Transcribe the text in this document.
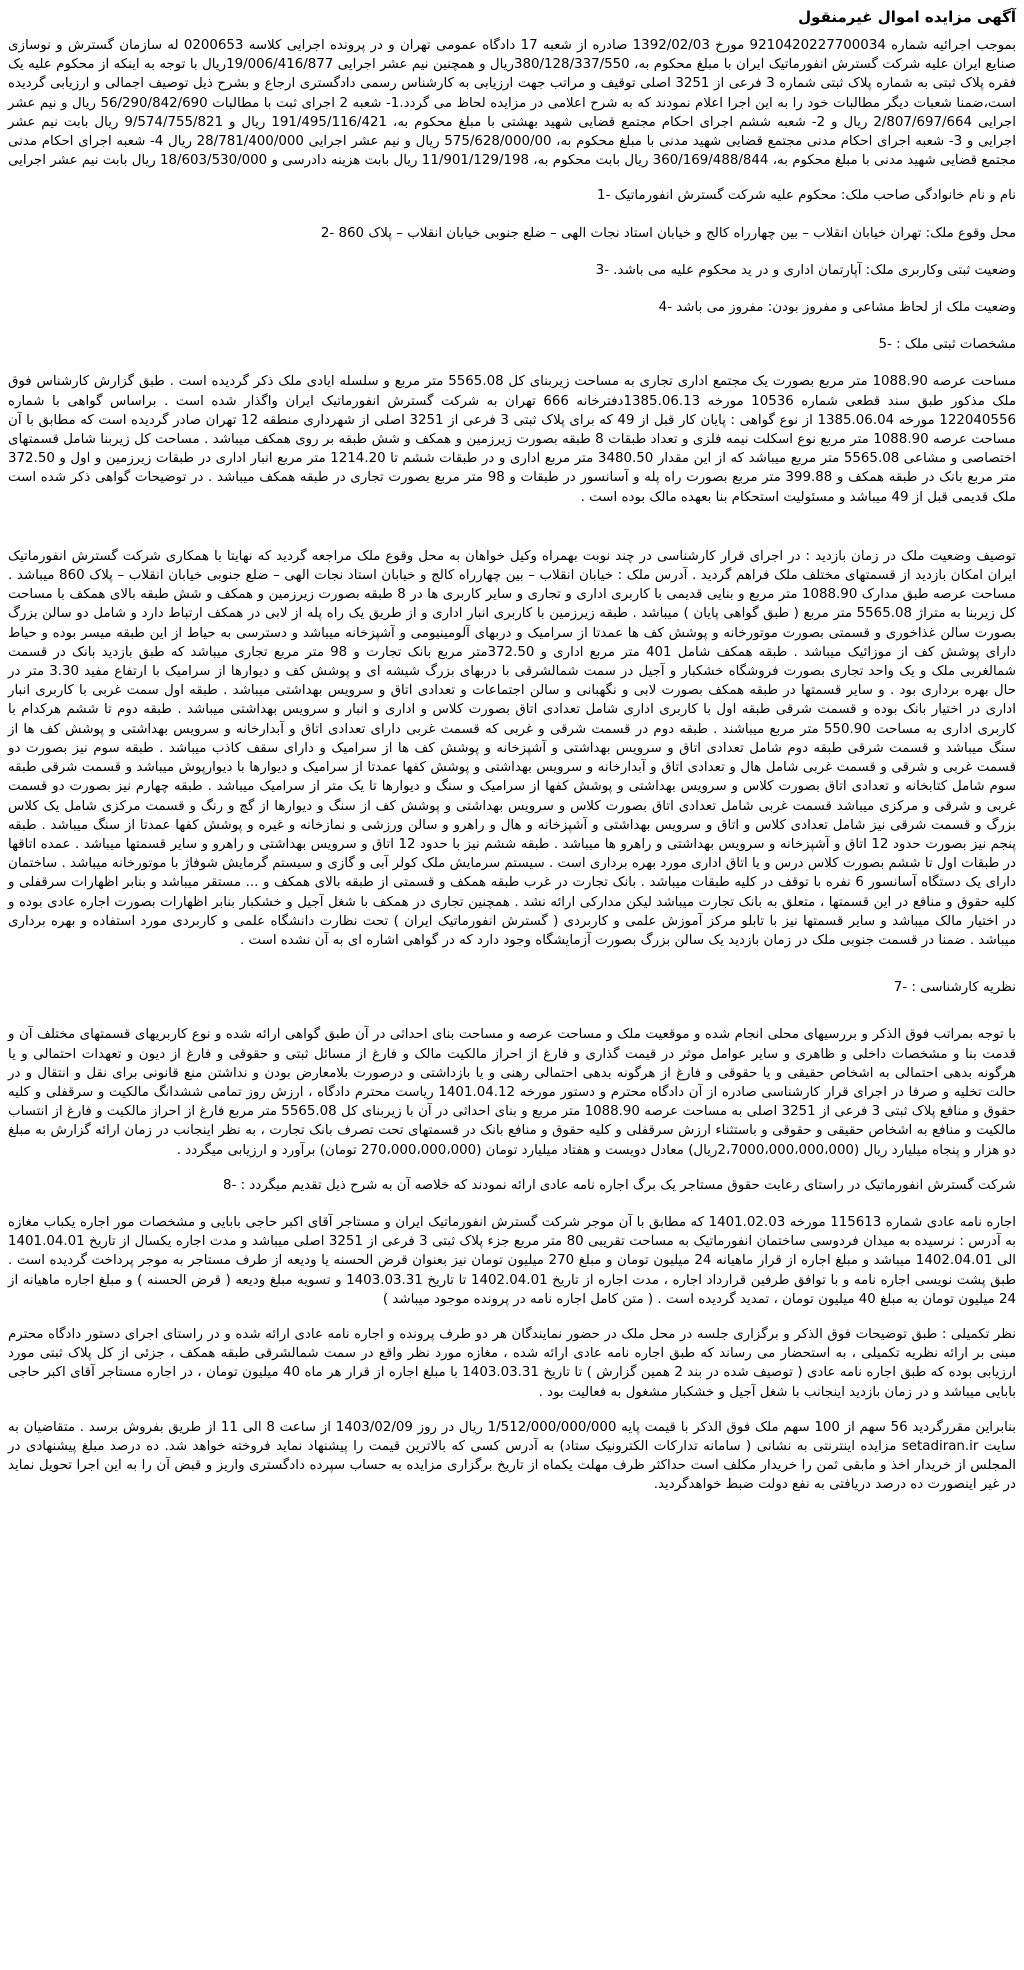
آگهی مزایده اموال غیرمنقول
بموجب اجرائیه شماره 9210420227700034 مورخ 1392/02/03 صادره از شعبه 17 دادگاه عمومی تهران و در پرونده اجرایی کلاسه 0200653 له سازمان گسترش و نوسازی صنایع ایران علیه شرکت گسترش انفورماتیک ایران با مبلغ محکوم به، 380/128/337/550ریال و همچنین نیم عشر اجرایی 19/006/416/877ریال با توجه به اینکه از محکوم علیه یک فقره پلاک ثبتی به شماره پلاک ثبتی شماره 3 فرعی از 3251 اصلی توقیف و مراتب جهت ارزیابی به کارشناس رسمی دادگستری ارجاع و بشرح ذیل توصیف اجمالی و ارزیابی گردیده است،ضمنا شعبات دیگر مطالبات خود را به این اجرا اعلام نمودند که به شرح اعلامی در مزایده لحاظ می گردد.1- شعبه 2 اجرای ثبت با مطالبات 56/290/842/690 ریال و نیم عشر اجرایی 2/807/697/664 ریال و 2- شعبه ششم اجرای احکام مجتمع قضایی شهید بهشتی با مبلغ محکوم به، 191/495/116/421 ریال و 9/574/755/821 ریال بابت نیم عشر اجرایی و 3- شعبه اجرای احکام مدنی مجتمع قضایی شهید مدنی با مبلغ محکوم به، 575/628/000/00 ریال و نیم عشر اجرایی 28/781/400/000 ریال 4- شعبه اجرای احکام مدنی مجتمع قضایی شهید مدنی با مبلغ محکوم به، 360/169/488/844 ریال بابت محکوم به، 11/901/129/198 ریال بابت هزینه دادرسی و 18/603/530/000 ریال بابت نیم عشر اجرایی
نام و نام خانوادگی صاحب ملک: محکوم علیه شرکت گسترش انفورماتیک -1
محل وقوع ملک: تهران خیابان انقلاب – بین چهارراه کالج و خیابان استاد نجات الهی – ضلع جنوبی خیابان انقلاب – پلاک 860 -2
وضعیت ثبتی وکاربری ملک: آپارتمان اداری و در ید محکوم علیه می باشد. -3
وضعیت ملک از لحاظ مشاعی و مفروز بودن: مفروز می باشد -4
مشخصات ثبتی ملک : -5
مساحت عرصه 1088.90 متر مربع بصورت یک مجتمع اداری تجاری به مساحت زیربنای کل 5565.08 متر مربع و سلسله ایادی ملک ذکر گردیده است . طبق گزارش کارشناس فوق ملک مذکور طبق سند قطعی شماره 10536 مورخه 1385.06.13دفترخانه 666 تهران به شرکت گسترش انفورماتیک ایران واگذار شده است . براساس گواهی با شماره 122040556 مورخه 1385.06.04 از نوع گواهی : پایان کار قبل از 49 که برای پلاک ثبتی 3 فرعی از 3251 اصلی از شهرداری منطقه 12 تهران صادر گردیده است که مطابق با آن مساحت عرصه 1088.90 متر مربع نوع اسکلت نیمه فلزی و تعداد طبقات 8 طبقه بصورت زیرزمین و همکف و شش طبقه بر روی همکف میباشد . مساحت کل زیربنا شامل قسمتهای اختصاصی و مشاعی 5565.08 متر مربع میباشد که از این مقدار 3480.50 متر مربع اداری و در طبقات ششم تا 1214.20 متر مربع انبار اداری در طبقات زیرزمین و اول و 372.50 متر مربع بانک در طبقه همکف و 399.88 متر مربع بصورت راه پله و آسانسور در طبقات و 98 متر مربع بصورت تجاری در طبقه همکف میباشد . در توضیحات گواهی ذکر شده است ملک قدیمی قبل از 49 میباشد و مسئولیت استحکام بنا بعهده مالک بوده است .
توصیف وضعیت ملک در زمان بازدید : در اجرای قرار کارشناسی در چند نوبت بهمراه وکیل خواهان به محل وقوع ملک مراجعه گردید که نهایتا با همکاری شرکت گسترش انفورماتیک ایران امکان بازدید از قسمتهای مختلف ملک فراهم گردید . آدرس ملک : خیابان انقلاب – بین چهارراه کالج و خیابان استاد نجات الهی – ضلع جنوبی خیابان انقلاب – پلاک 860 میباشد . مساحت عرصه طبق مدارک 1088.90 متر مربع و بنایی قدیمی با کاربری اداری و تجاری و سایر کاربری ها در 8 طبقه بصورت زیرزمین و همکف و شش طبقه بالای همکف با مساحت کل زیربنا به متراژ 5565.08 متر مربع ( طبق گواهی پایان ) میباشد . طبقه زیرزمین با کاربری انبار اداری و از طریق یک راه پله از لابی در همکف ارتباط دارد و شامل دو سالن بزرگ بصورت سالن غذاخوری و قسمتی بصورت موتورخانه و پوشش کف ها عمدتا از سرامیک و دربهای آلومینیومی و آشپزخانه میباشد و دسترسی به حیاط از این طبقه میسر بوده و حیاط دارای پوشش کف از موزائیک میباشد . طبقه همکف شامل 401 متر مربع اداری و 372.50متر مربع بانک تجارت و 98 متر مربع تجاری میباشد که طبق بازدید بانک در قسمت شمالغربی ملک و یک واحد تجاری بصورت فروشگاه خشکبار و آجیل در سمت شمالشرقی با دربهای بزرگ شیشه ای و پوشش کف و دیوارها از سرامیک با ارتفاع مفید 3.30 متر در حال بهره برداری بود . و سایر قسمتها در طبقه همکف بصورت لابی و نگهبانی و سالن اجتماعات و تعدادی اتاق و سرویس بهداشتی میباشد . طبقه اول سمت غربی با کاربری انبار اداری در اختیار بانک بوده و قسمت شرقی طبقه اول با کاربری اداری شامل تعدادی اتاق بصورت کلاس و اداری و انبار و سرویس بهداشتی میباشد . طبقه دوم تا ششم هرکدام با کاربری اداری به مساحت 550.90 متر مربع میباشند . طبقه دوم در قسمت شرقی و غربی که قسمت غربی دارای تعدادی اتاق و آبدارخانه و سرویس بهداشتی و پوشش کف ها از سنگ میباشد و قسمت شرقی طبقه دوم شامل تعدادی اتاق و سرویس بهداشتی و آشپزخانه و پوشش کف ها از سرامیک و دارای سقف کاذب میباشد . طبقه سوم نیز بصورت دو قسمت غربی و شرقی و قسمت غربی شامل هال و تعدادی اتاق و آبدارخانه و سرویس بهداشتی و پوشش کفها عمدتا از سرامیک و دیوارها با دیوارپوش میباشد و قسمت شرقی طبقه سوم شامل کتابخانه و تعدادی اتاق بصورت کلاس و سرویس بهداشتی و پوشش کفها از سرامیک و سنگ و دیوارها تا یک متر از سرامیک میباشد . طبقه چهارم نیز بصورت دو قسمت غربی و شرقی و مرکزی میباشد قسمت غربی شامل تعدادی اتاق بصورت کلاس و سرویس بهداشتی و پوشش کف از سنگ و دیوارها از گچ و رنگ و قسمت مرکزی شامل یک کلاس بزرگ و قسمت شرقی نیز شامل تعدادی کلاس و اتاق و سرویس بهداشتی و آشپزخانه و هال و راهرو و سالن ورزشی و نمازخانه و غیره و پوشش کفها عمدتا از سنگ میباشد . طبقه پنجم نیز بصورت حدود 12 اتاق و آشپزخانه و سرویس بهداشتی و راهرو ها میباشد . طبقه ششم نیز با حدود 12 اتاق و سرویس بهداشتی و راهرو و سایر قسمتها میباشد . عمده اتاقها در طبقات اول تا ششم بصورت کلاس درس و یا اتاق اداری مورد بهره برداری است . سیستم سرمایش ملک کولر آبی و گازی و سیستم گرمایش شوفاژ با موتورخانه میباشد . ساختمان دارای یک دستگاه آسانسور 6 نفره با توقف در کلیه طبقات میباشد . بانک تجارت در غرب طبقه همکف و قسمتی از طبقه بالای همکف و ... مستقر میباشد و بنابر اظهارات سرقفلی و کلیه حقوق و منافع در این قسمتها ، متعلق به بانک تجارت میباشد لیکن مدارکی ارائه نشد . همچنین تجاری در همکف با شغل آجیل و خشکبار بنابر اظهارات بصورت اجاره عادی بوده و در اختیار مالک میباشد و سایر قسمتها نیز با تابلو مرکز آموزش علمی و کاربردی ( گسترش انفورماتیک ایران ) تحت نظارت دانشگاه علمی و کاربردی مورد استفاده و بهره برداری میباشد . ضمنا در قسمت جنوبی ملک در زمان بازدید یک سالن بزرگ بصورت آزمایشگاه وجود دارد که در گواهی اشاره ای به آن نشده است .
نظریه کارشناسی : -7
با توجه بمراتب فوق الذکر و بررسیهای محلی انجام شده و موقعیت ملک و مساحت عرصه و مساحت بنای احداثی در آن طبق گواهی ارائه شده و نوع کاربریهای قسمتهای مختلف آن و قدمت بنا و مشخصات داخلی و ظاهری و سایر عوامل موثر در قیمت گذاری و فارغ از احراز مالکیت مالک و فارغ از مسائل ثبتی و حقوقی و فارغ از دیون و تعهدات احتمالی و یا هرگونه بدهی احتمالی به اشخاص حقیقی و یا حقوقی و فارغ از هرگونه بدهی احتمالی رهنی و یا بازداشتی و درصورت بلامعارض بودن و نداشتن منع قانونی برای نقل و انتقال و در حالت تخلیه و صرفا در اجرای قرار کارشناسی صادره از آن دادگاه محترم و دستور مورخه 1401.04.12 ریاست محترم دادگاه ، ارزش روز تمامی ششدانگ مالکیت و سرقفلی و کلیه حقوق و منافع پلاک ثبتی 3 فرعی از 3251 اصلی به مساحت عرصه 1088.90 متر مربع و بنای احداثی در آن با زیربنای کل 5565.08 متر مربع فارغ از احراز مالکیت و فارغ از انتساب مالکیت و منافع به اشخاص حقیقی و حقوقی و باستثناء ارزش سرقفلی و کلیه حقوق و منافع بانک در قسمتهای تحت تصرف بانک تجارت ، به نظر اینجانب در زمان ارائه گزارش به مبلغ دو هزار و پنجاه میلیارد ریال (2،7000،000،000،000ریال) معادل دویست و هفتاد میلیارد تومان (270،000،000،000 تومان) برآورد و ارزیابی میگردد .
شرکت گسترش انفورماتیک در راستای رعایت حقوق مستاجر یک برگ اجاره نامه عادی ارائه نمودند که خلاصه آن به شرح ذیل تقدیم میگردد : -8
اجاره نامه عادی شماره 115613 مورخه 1401.02.03 که مطابق با آن موجر شرکت گسترش انفورماتیک ایران و مستاجر آقای اکبر حاجی بابایی و مشخصات مور اجاره یکباب مغازه به آدرس : نرسیده به میدان فردوسی ساختمان انفورماتیک به مساحت تقریبی 80 متر مربع جزء پلاک ثبتی 3 فرعی از 3251 اصلی میباشد و مدت اجاره یکسال از تاریخ 1401.04.01 الی 1402.04.01 میباشد و مبلغ اجاره از قرار ماهیانه 24 میلیون تومان و مبلغ 270 میلیون تومان نیز بعنوان قرض الحسنه یا ودیعه از طرف مستاجر به موجر پرداخت گردیده است . طبق پشت نویسی اجاره نامه و با توافق طرفین قرارداد اجاره ، مدت اجاره از تاریخ 1402.04.01 تا تاریخ 1403.03.31 و تسویه مبلغ ودیعه ( قرض الحسنه ) و مبلغ اجاره ماهیانه از 24 میلیون تومان به مبلغ 40 میلیون تومان ، تمدید گردیده است . ( متن کامل اجاره نامه در پرونده موجود میباشد )
نظر تکمیلی : طبق توضیحات فوق الذکر و برگزاری جلسه در محل ملک در حضور نمایندگان هر دو طرف پرونده و اجاره نامه عادی ارائه شده و در راستای اجرای دستور دادگاه محترم مبنی بر ارائه نظریه تکمیلی ، به استحضار می رساند که طبق اجاره نامه عادی ارائه شده ، مغازه مورد نظر واقع در سمت شمالشرقی طبقه همکف ، جزئی از کل پلاک ثبتی مورد ارزیابی بوده که طبق اجاره نامه عادی ( توصیف شده در بند 2 همین گزارش ) تا تاریخ 1403.03.31 با مبلغ اجاره از قرار هر ماه 40 میلیون تومان ، در اجاره مستاجر آقای اکبر حاجی بابایی میباشد و در زمان بازدید اینجانب با شغل آجیل و خشکبار مشغول به فعالیت بود .
بنابراین مقررگردید 56 سهم از 100 سهم ملک فوق الذکر با قیمت پایه 1/512/000/000/000 ریال در روز 1403/02/09 از ساعت 8 الی 11 از طریق بفروش برسد . متقاضیان به سایت setadiran.ir مزایده اینترنتی به نشانی ( سامانه تدارکات الکترونیک ستاد) به آدرس کسی که بالاترین قیمت را پیشنهاد نماید فروخته خواهد شد. ده درصد مبلغ پیشنهادی در المجلس از خریدار اخذ و مابقی ثمن را خریدار مکلف است حداکثر ظرف مهلت یکماه از تاریخ برگزاری مزایده به حساب سپرده دادگستری واریز و قبض آن را به این اجرا تحویل نماید در غیر اینصورت ده درصد دریافتی به نفع دولت ضبط خواهدگردید.
